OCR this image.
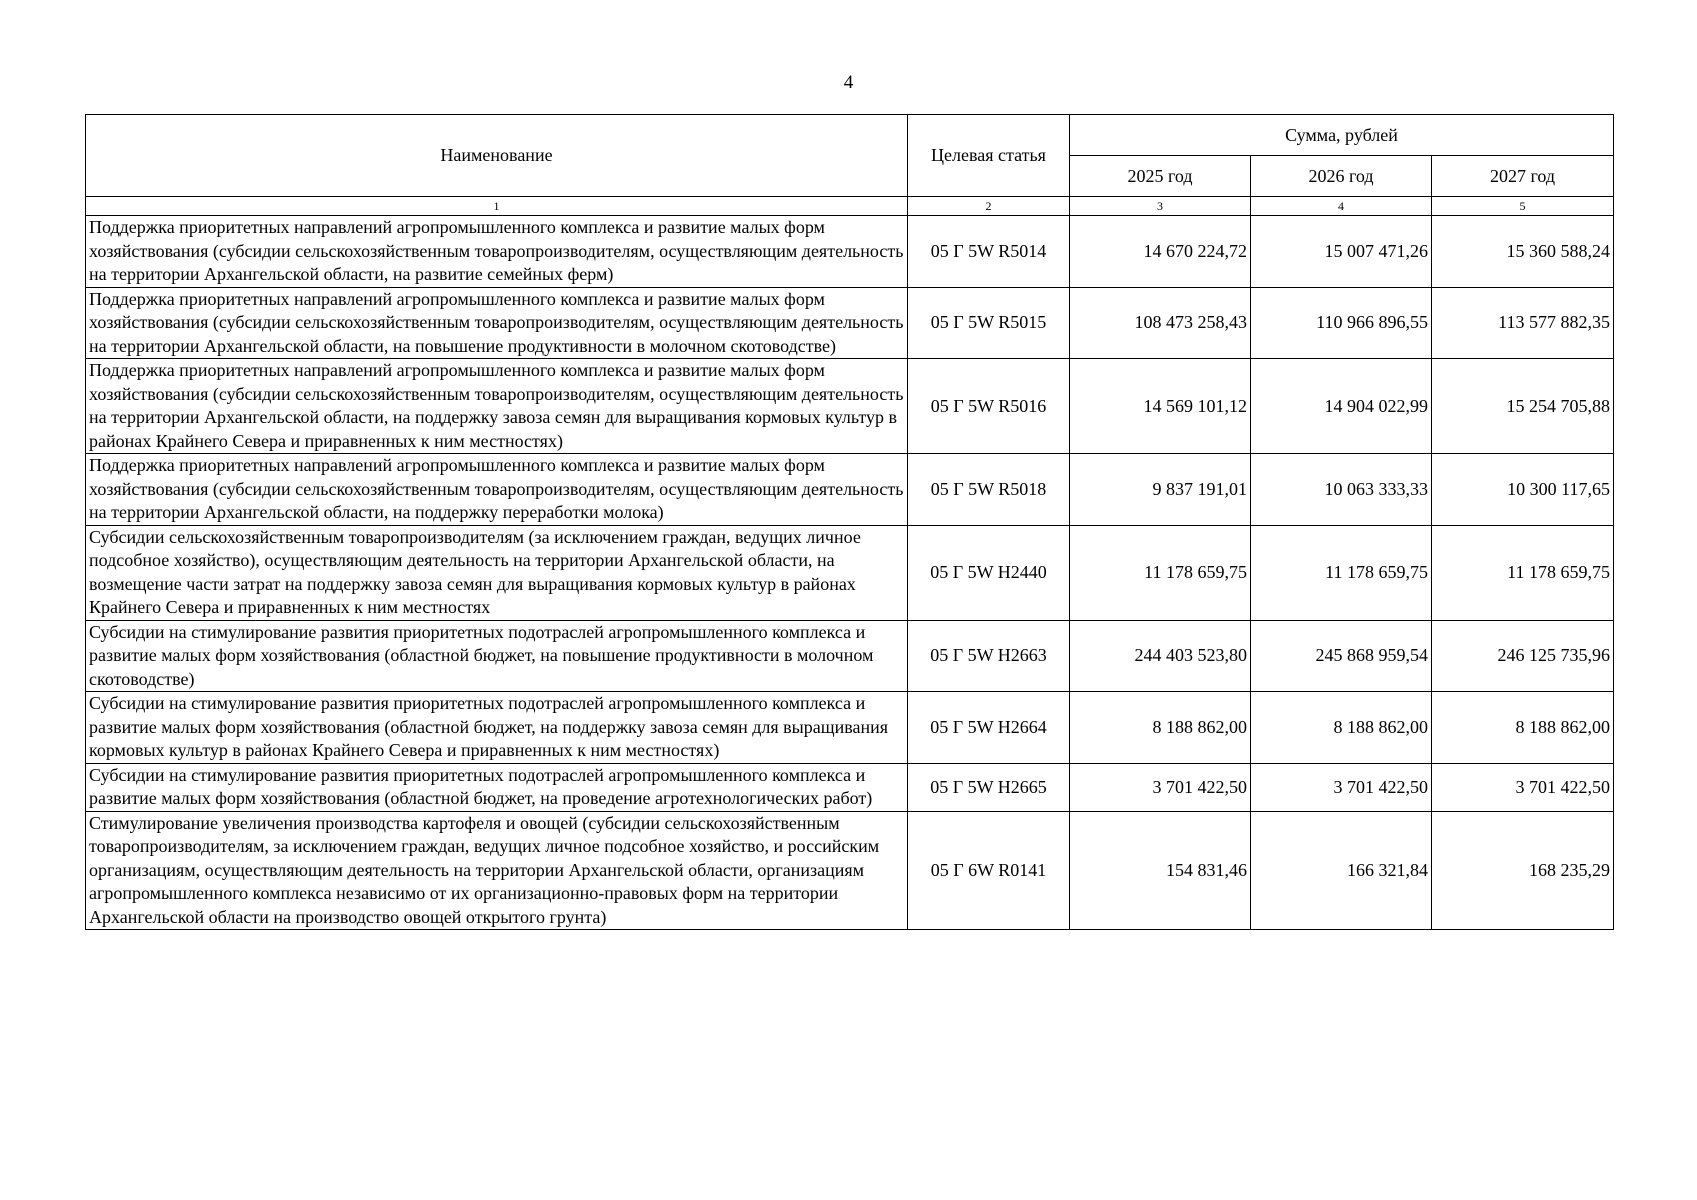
4
Наименование	Целевая статья	Сумма, рублей		
		2025 год	2026 год	2027 год
1	2	3	4	5
Поддержка приоритетных направлений агропромышленного комплекса и развитие малых форм хозяйствования (субсидии сельскохозяйственным товаропроизводителям, осуществляющим деятельность на территории Архангельской области, на развитие семейных ферм)	05 Г 5W R5014	14 670 224,72	15 007 471,26	15 360 588,24
Поддержка приоритетных направлений агропромышленного комплекса и развитие малых форм хозяйствования (субсидии сельскохозяйственным товаропроизводителям, осуществляющим деятельность на территории Архангельской области, на повышение продуктивности в молочном скотоводстве)	05 Г 5W R5015	108 473 258,43	110 966 896,55	113 577 882,35
Поддержка приоритетных направлений агропромышленного комплекса и развитие малых форм хозяйствования (субсидии сельскохозяйственным товаропроизводителям, осуществляющим деятельность на территории Архангельской области, на поддержку завоза семян для выращивания кормовых культур в районах Крайнего Севера и приравненных к ним местностях)	05 Г 5W R5016	14 569 101,12	14 904 022,99	15 254 705,88
Поддержка приоритетных направлений агропромышленного комплекса и развитие малых форм хозяйствования (субсидии сельскохозяйственным товаропроизводителям, осуществляющим деятельность на территории Архангельской области, на поддержку переработки молока)	05 Г 5W R5018	9 837 191,01	10 063 333,33	10 300 117,65
Субсидии сельскохозяйственным товаропроизводителям (за исключением граждан, ведущих личное подсобное хозяйство), осуществляющим деятельность на территории Архангельской области, на возмещение части затрат на поддержку завоза семян для выращивания кормовых культур в районах Крайнего Севера и приравненных к ним местностях	05 Г 5W H2440	11 178 659,75	11 178 659,75	11 178 659,75
Субсидии на стимулирование развития приоритетных подотраслей агропромышленного комплекса и развитие малых форм хозяйствования (областной бюджет, на повышение продуктивности в молочном скотоводстве)	05 Г 5W H2663	244 403 523,80	245 868 959,54	246 125 735,96
Субсидии на стимулирование развития приоритетных подотраслей агропромышленного комплекса и развитие малых форм хозяйствования (областной бюджет, на поддержку завоза семян для выращивания кормовых культур в районах Крайнего Севера и приравненных к ним местностях)	05 Г 5W H2664	8 188 862,00	8 188 862,00	8 188 862,00
Субсидии на стимулирование развития приоритетных подотраслей агропромышленного комплекса и развитие малых форм хозяйствования (областной бюджет, на проведение агротехнологических работ)	05 Г 5W H2665	3 701 422,50	3 701 422,50	3 701 422,50
Стимулирование увеличения производства картофеля и овощей (субсидии сельскохозяйственным товаропроизводителям, за исключением граждан, ведущих личное подсобное хозяйство, и российским организациям, осуществляющим деятельность на территории Архангельской области, организациям агропромышленного комплекса независимо от их организационно-правовых форм на территории Архангельской области на производство овощей открытого грунта)	05 Г 6W R0141	154 831,46	166 321,84	168 235,29
